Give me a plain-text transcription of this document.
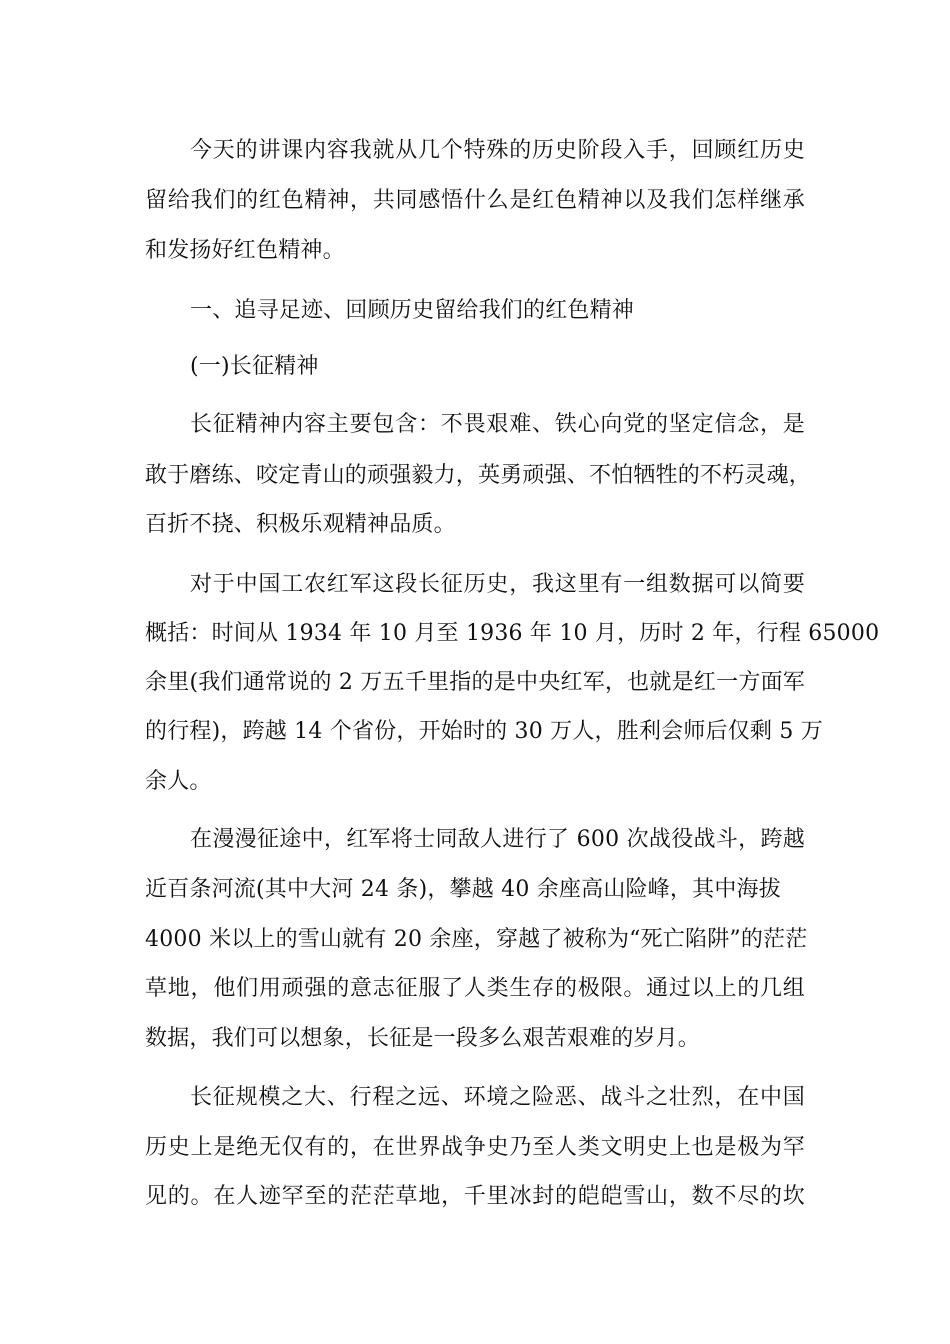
今天的讲课内容我就从几个特殊的历史阶段入手，回顾红历史
留给我们的红色精神，共同感悟什么是红色精神以及我们怎样继承
和发扬好红色精神。
一、追寻足迹、回顾历史留给我们的红色精神
(一)长征精神
长征精神内容主要包含：不畏艰难、铁心向党的坚定信念，是
敢于磨练、咬定青山的顽强毅力，英勇顽强、不怕牺牲的不朽灵魂，
百折不挠、积极乐观精神品质。
对于中国工农红军这段长征历史，我这里有一组数据可以简要
概括：时间从 1934 年 10 月至 1936 年 10 月，历时 2 年，行程 65000
余里(我们通常说的 2 万五千里指的是中央红军，也就是红一方面军
的行程)，跨越 14 个省份，开始时的 30 万人，胜利会师后仅剩 5 万
余人。
在漫漫征途中，红军将士同敌人进行了 600 次战役战斗，跨越
近百条河流(其中大河 24 条)，攀越 40 余座高山险峰，其中海拔
4000 米以上的雪山就有 20 余座，穿越了被称为“死亡陷阱”的茫茫
草地，他们用顽强的意志征服了人类生存的极限。通过以上的几组
数据，我们可以想象，长征是一段多么艰苦艰难的岁月。
长征规模之大、行程之远、环境之险恶、战斗之壮烈，在中国
历史上是绝无仅有的，在世界战争史乃至人类文明史上也是极为罕
见的。在人迹罕至的茫茫草地，千里冰封的皑皑雪山，数不尽的坎
